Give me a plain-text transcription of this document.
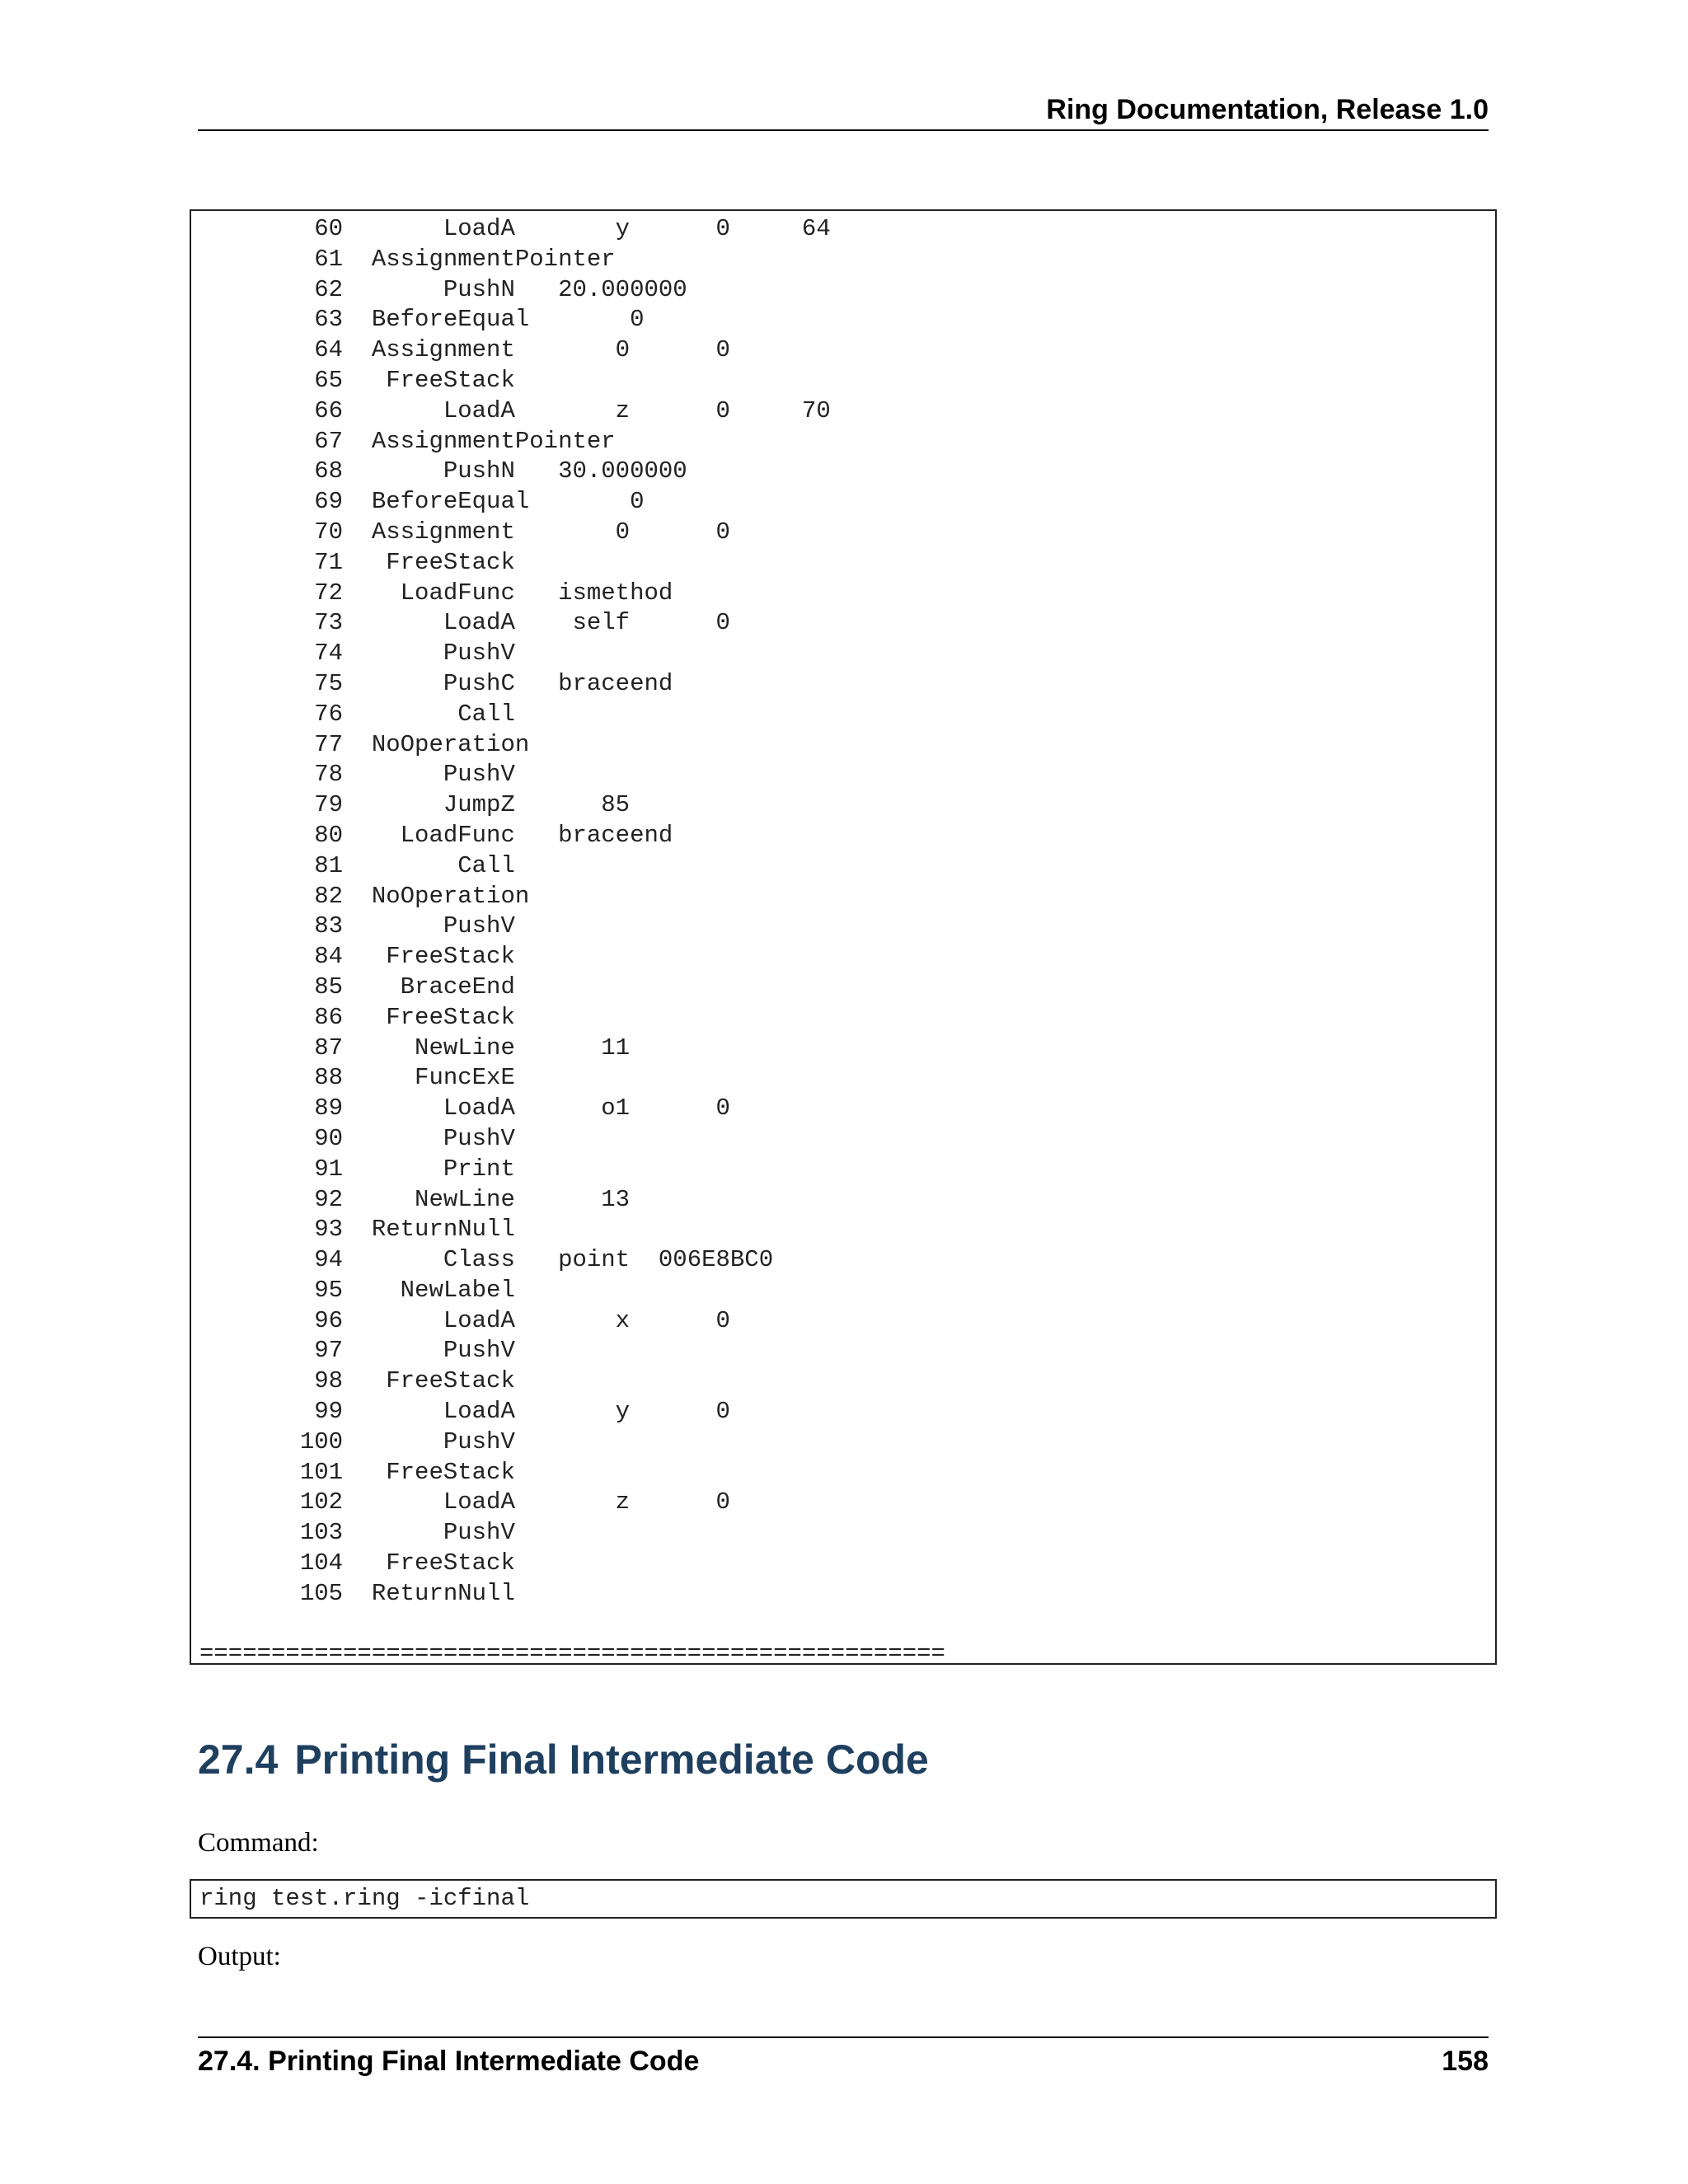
Ring Documentation, Release 1.0
60       LoadA       y      0     64
61  AssignmentPointer
62       PushN   20.000000
63  BeforeEqual       0
64  Assignment       0      0
65   FreeStack
66       LoadA       z      0     70
67  AssignmentPointer
68       PushN   30.000000
69  BeforeEqual       0
70  Assignment       0      0
71   FreeStack
72    LoadFunc   ismethod
73       LoadA    self      0
74       PushV
75       PushC   braceend
76        Call
77  NoOperation
78       PushV
79       JumpZ      85
80    LoadFunc   braceend
81        Call
82  NoOperation
83       PushV
84   FreeStack
85    BraceEnd
86   FreeStack
87     NewLine      11
88     FuncExE
89       LoadA      o1      0
90       PushV
91       Print
92     NewLine      13
93  ReturnNull
94       Class   point  006E8BC0
95    NewLabel
96       LoadA       x      0
97       PushV
98   FreeStack
99       LoadA       y      0
100       PushV
101   FreeStack
102       LoadA       z      0
103       PushV
104   FreeStack
105  ReturnNull

====================================================
27.4 Printing Final Intermediate Code

Command:

ring test.ring -icfinal

Output:

27.4. Printing Final Intermediate Code	158
